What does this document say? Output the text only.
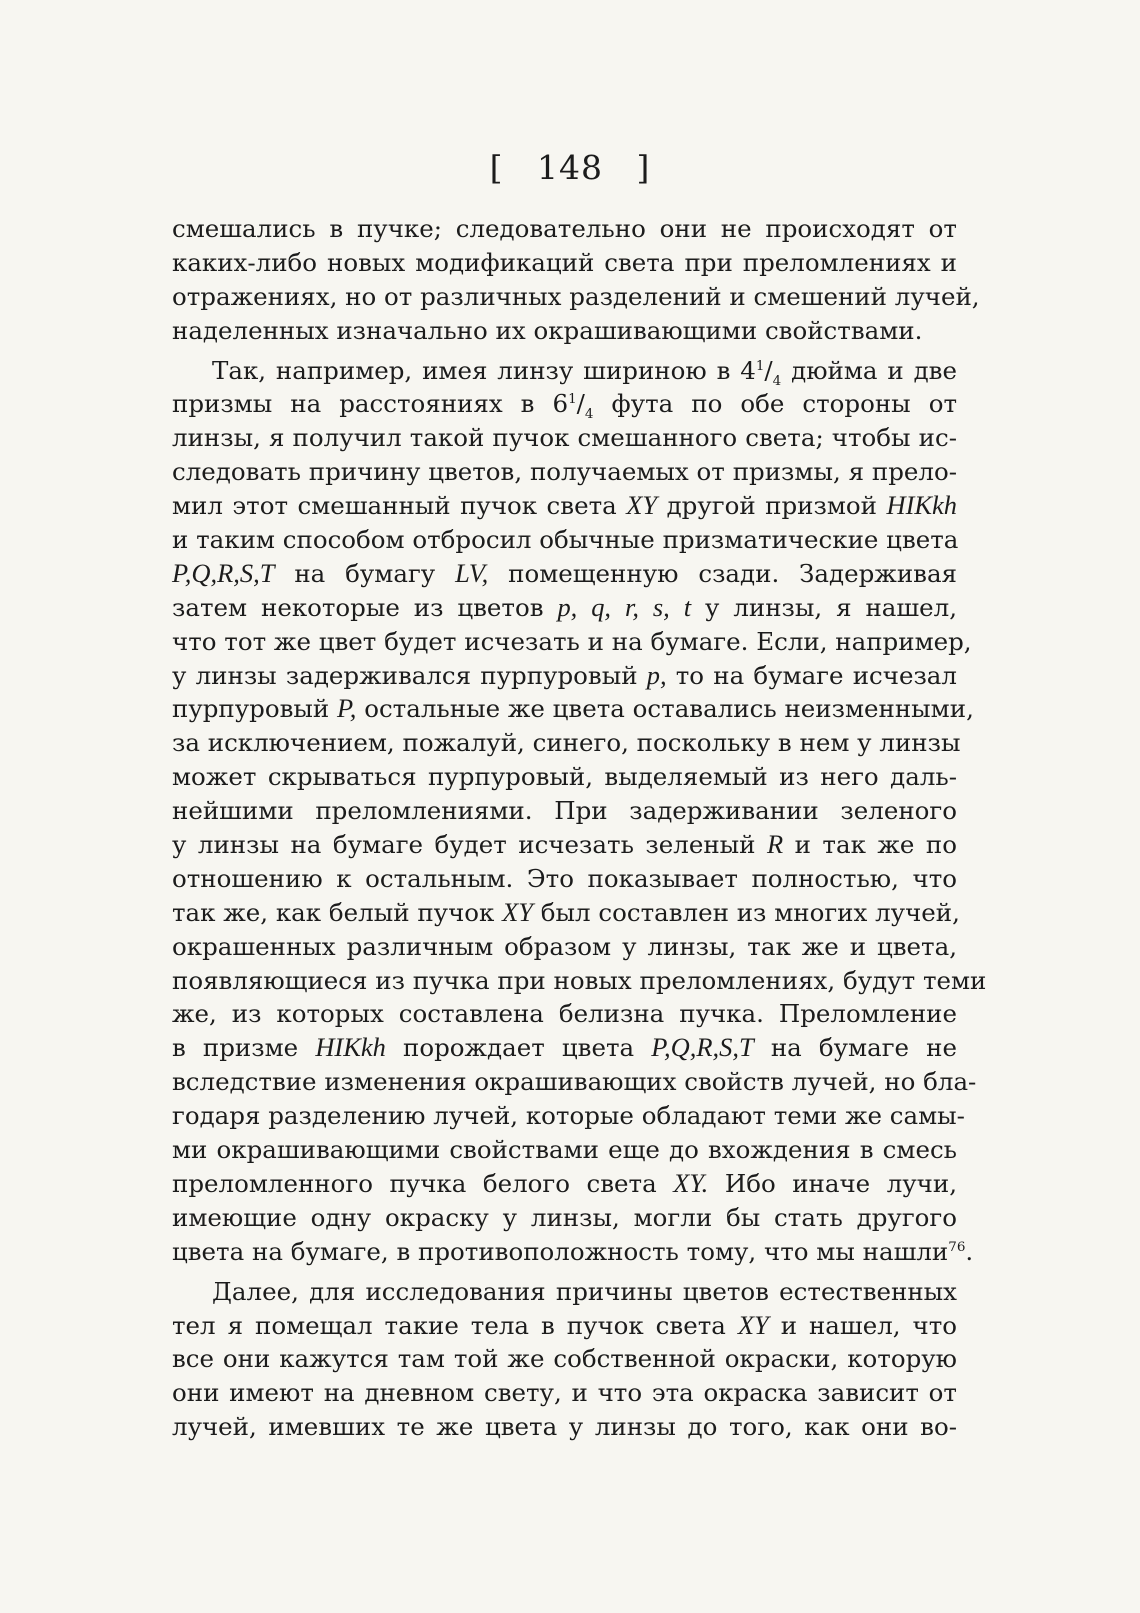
[ 148 ]
смешались в пучке; следовательно они не происходят от
каких-либо новых модификаций света при преломлениях и
отражениях, но от различных разделений и смешений лучей,
наделенных изначально их окрашивающими свойствами.
Так, например, имея линзу шириною в $4^1/_4$ дюйма и две
призмы на расстояниях в $6^1/_4$ фута по обе стороны от
линзы, я получил такой пучок смешанного света; чтобы ис-
следовать причину цветов, получаемых от призмы, я прело-
мил этот смешанный пучок света XY другой призмой HIKkh
и таким способом отбросил обычные призматические цвета
P,Q,R,S,T на бумагу LV, помещенную сзади. Задерживая
затем некоторые из цветов p, q, r, s, t у линзы, я нашел,
что тот же цвет будет исчезать и на бумаге. Если, например,
у линзы задерживался пурпуровый p, то на бумаге исчезал
пурпуровый P, остальные же цвета оставались неизменными,
за исключением, пожалуй, синего, поскольку в нем у линзы
может скрываться пурпуровый, выделяемый из него даль-
нейшими преломлениями. При задерживании зеленого
у линзы на бумаге будет исчезать зеленый R и так же по
отношению к остальным. Это показывает полностью, что
так же, как белый пучок XY был составлен из многих лучей,
окрашенных различным образом у линзы, так же и цвета,
появляющиеся из пучка при новых преломлениях, будут теми
же, из которых составлена белизна пучка. Преломление
в призме HIKkh порождает цвета P,Q,R,S,T на бумаге не
вследствие изменения окрашивающих свойств лучей, но бла-
годаря разделению лучей, которые обладают теми же самы-
ми окрашивающими свойствами еще до вхождения в смесь
преломленного пучка белого света XY. Ибо иначе лучи,
имеющие одну окраску у линзы, могли бы стать другого
цвета на бумаге, в противоположность тому, что мы нашли$^{76}$.
Далее, для исследования причины цветов естественных
тел я помещал такие тела в пучок света XY и нашел, что
все они кажутся там той же собственной окраски, которую
они имеют на дневном свету, и что эта окраска зависит от
лучей, имевших те же цвета у линзы до того, как они во-
